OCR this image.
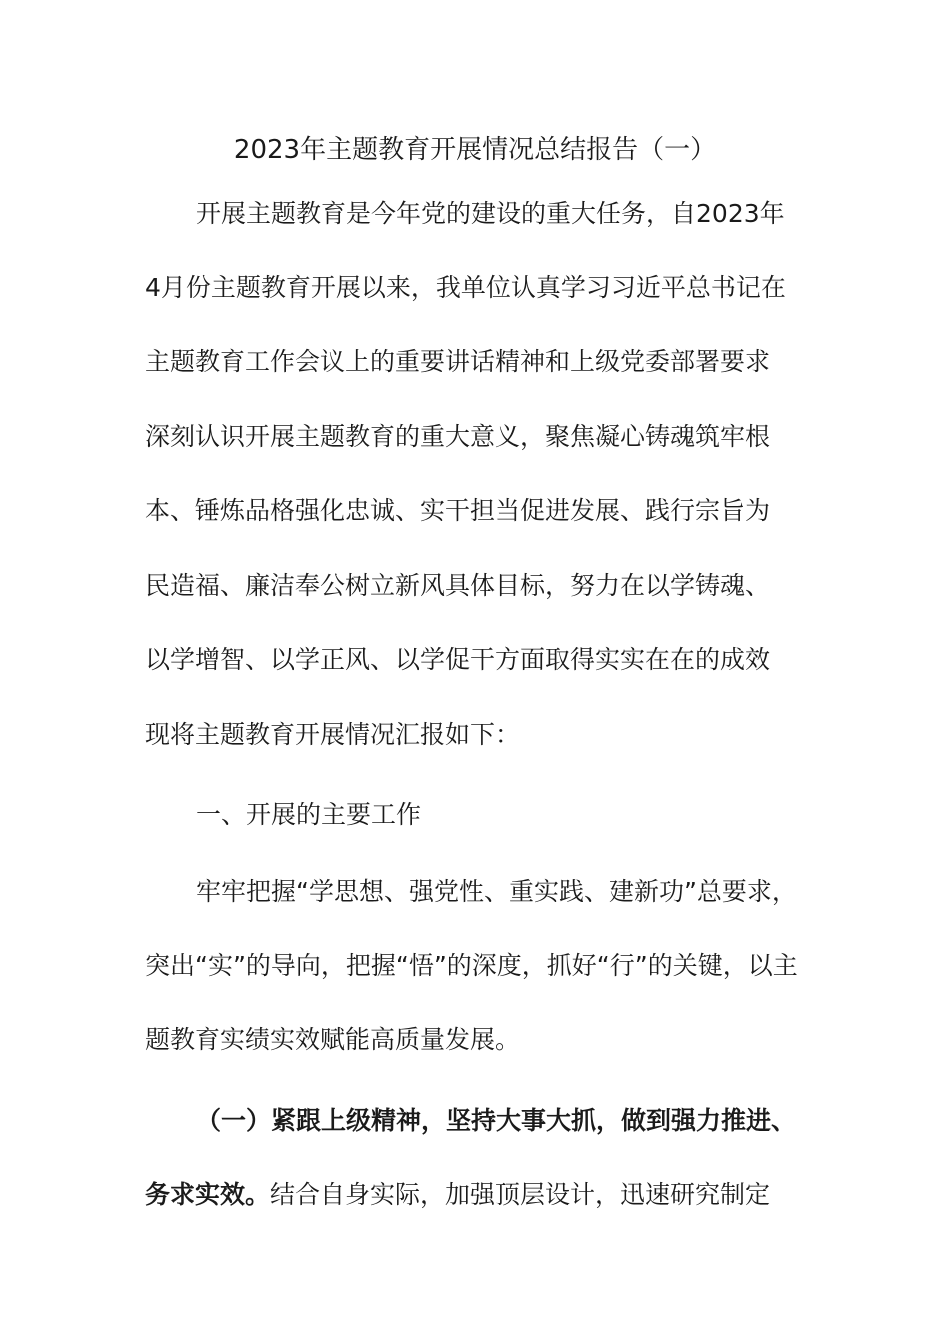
2023年主题教育开展情况总结报告（一）

开展主题教育是今年党的建设的重大任务，自2023年

4月份主题教育开展以来，我单位认真学习习近平总书记在

主题教育工作会议上的重要讲话精神和上级党委部署要求

深刻认识开展主题教育的重大意义，聚焦凝心铸魂筑牢根

本、锤炼品格强化忠诚、实干担当促进发展、践行宗旨为

民造福、廉洁奉公树立新风具体目标，努力在以学铸魂、

以学增智、以学正风、以学促干方面取得实实在在的成效

现将主题教育开展情况汇报如下：

一、开展的主要工作

牢牢把握“学思想、强党性、重实践、建新功”总要求，

突出“实”的导向，把握“悟”的深度，抓好“行”的关键，以主

题教育实绩实效赋能高质量发展。

（一）紧跟上级精神，坚持大事大抓，做到强力推进、

务求实效。结合自身实际，加强顶层设计，迅速研究制定
